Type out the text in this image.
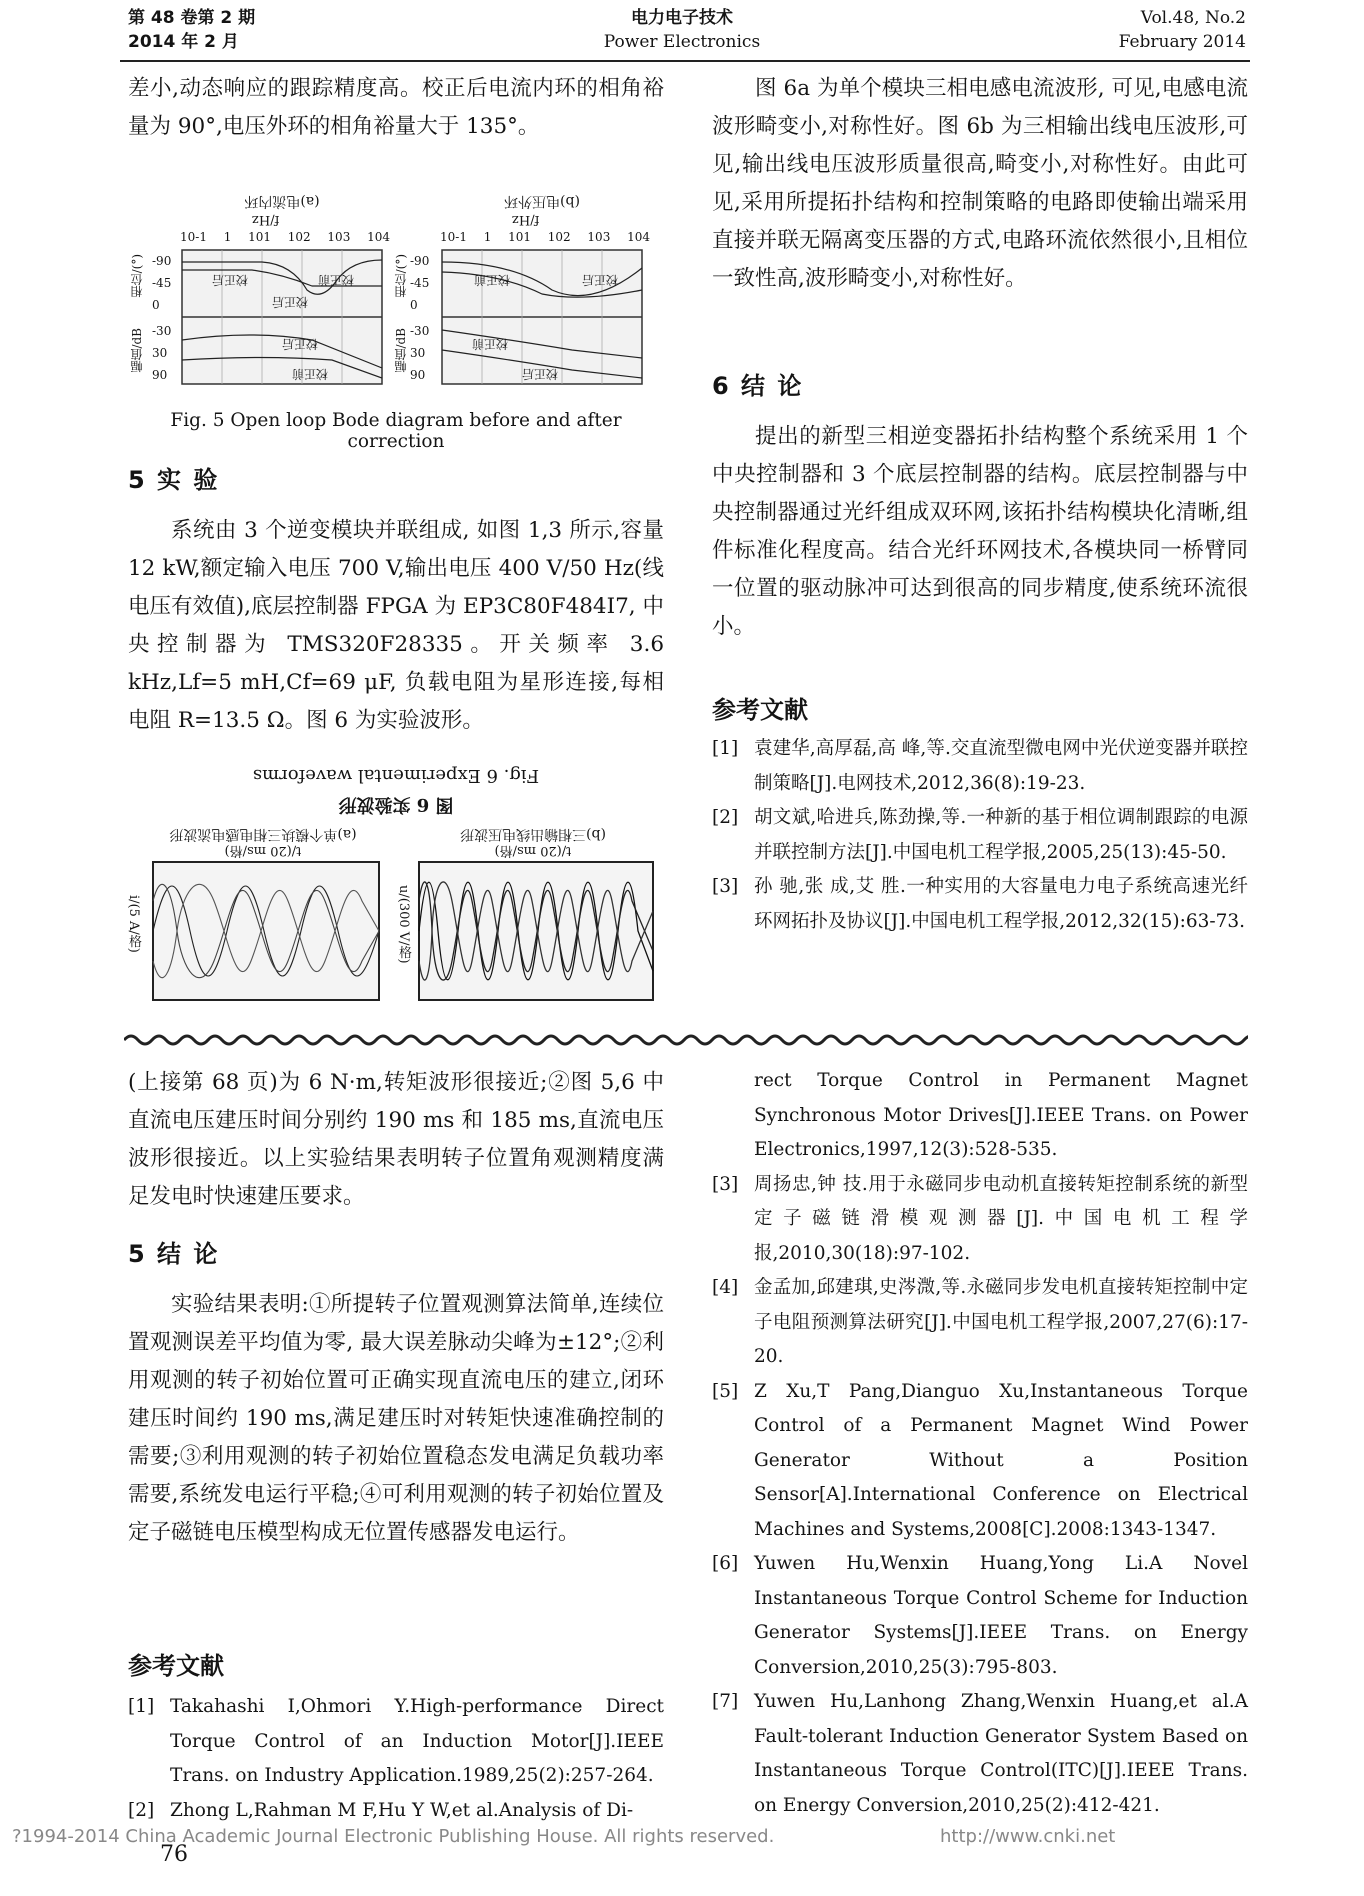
第 48 卷第 2 期
2014 年 2 月
电力电子技术
Power Electronics
Vol.48, No.2
February 2014

差小,动态响应的跟踪精度高。校正后电流内环的相角裕量为 90°,电压外环的相角裕量大于 135°。

(a)电流内环	(b)电压外环
f/Hz	f/Hz
10-1 1 101 102 103 104	10-1 1 101 102 103 104
相位/(°)
幅值/dB
相位/(°)
幅值/dB
-90
-45
0
-30
30
90
-90
-45
0
-30
30
90
校正后	校正前
校正后
校正后
校正前
校正前	校正后
校正前
校正后
Fig. 5 Open loop Bode diagram before and after correction
5 实 验

系统由 3 个逆变模块并联组成, 如图 1,3 所示,容量 12 kW,额定输入电压 700 V,输出电压 400 V/50 Hz(线电压有效值),底层控制器 FPGA 为 EP3C80F484I7, 中央控制器为 TMS320F28335。开关频率 3.6 kHz,Lf=5 mH,Cf=69 μF, 负载电阻为星形连接,每相电阻 R=13.5 Ω。图 6 为实验波形。

Fig. 6 Experimental waveforms
图 6 实验波形
(a)单个模块三相电感电流波形	(b)三相输出线电压波形
t/(20 ms/格)	t/(20 ms/格)
i/(5 A/格)	u/(300 V/格)

图 6a 为单个模块三相电感电流波形, 可见,电感电流波形畸变小,对称性好。图 6b 为三相输出线电压波形,可见,输出线电压波形质量很高,畸变小,对称性好。由此可见,采用所提拓扑结构和控制策略的电路即使输出端采用直接并联无隔离变压器的方式,电路环流依然很小,且相位一致性高,波形畸变小,对称性好。

6 结 论

提出的新型三相逆变器拓扑结构整个系统采用 1 个中央控制器和 3 个底层控制器的结构。底层控制器与中央控制器通过光纤组成双环网,该拓扑结构模块化清晰,组件标准化程度高。结合光纤环网技术,各模块同一桥臂同一位置的驱动脉冲可达到很高的同步精度,使系统环流很小。

参考文献
[1] 袁建华,高厚磊,高 峰,等.交直流型微电网中光伏逆变器并联控制策略[J].电网技术,2012,36(8):19-23.
[2] 胡文斌,哈进兵,陈劲操,等.一种新的基于相位调制跟踪的电源并联控制方法[J].中国电机工程学报,2005,25(13):45-50.
[3] 孙 驰,张 成,艾 胜.一种实用的大容量电力电子系统高速光纤环网拓扑及协议[J].中国电机工程学报,2012,32(15):63-73.

(上接第 68 页)为 6 N·m,转矩波形很接近;②图 5,6 中直流电压建压时间分别约 190 ms 和 185 ms,直流电压波形很接近。以上实验结果表明转子位置角观测精度满足发电时快速建压要求。

5 结 论

实验结果表明:①所提转子位置观测算法简单,连续位置观测误差平均值为零, 最大误差脉动尖峰为±12°;②利用观测的转子初始位置可正确实现直流电压的建立,闭环建压时间约 190 ms,满足建压时对转矩快速准确控制的需要;③利用观测的转子初始位置稳态发电满足负载功率需要,系统发电运行平稳;④可利用观测的转子初始位置及定子磁链电压模型构成无位置传感器发电运行。

参考文献
[1] Takahashi I,Ohmori Y.High-performance Direct Torque Control of an Induction Motor[J].IEEE Trans. on Industry Application.1989,25(2):257-264.
[2] Zhong L,Rahman M F,Hu Y W,et al.Analysis of Di-
rect Torque Control in Permanent Magnet Synchronous Motor Drives[J].IEEE Trans. on Power Electronics,1997,12(3):528-535.
[3] 周扬忠,钟 技.用于永磁同步电动机直接转矩控制系统的新型定子磁链滑模观测器[J].中国电机工程学报,2010,30(18):97-102.
[4] 金孟加,邱建琪,史涔溦,等.永磁同步发电机直接转矩控制中定子电阻预测算法研究[J].中国电机工程学报,2007,27(6):17-20.
[5] Z Xu,T Pang,Dianguo Xu,Instantaneous Torque Control of a Permanent Magnet Wind Power Generator Without a Position Sensor[A].International Conference on Electrical Machines and Systems,2008[C].2008:1343-1347.
[6] Yuwen Hu,Wenxin Huang,Yong Li.A Novel Instantaneous Torque Control Scheme for Induction Generator Systems[J].IEEE Trans. on Energy Conversion,2010,25(3):795-803.
[7] Yuwen Hu,Lanhong Zhang,Wenxin Huang,et al.A Fault-tolerant Induction Generator System Based on Instantaneous Torque Control(ITC)[J].IEEE Trans. on Energy Conversion,2010,25(2):412-421.
?1994-2014 China Academic Journal Electronic Publishing House. All rights reserved.	http://www.cnki.net
76
